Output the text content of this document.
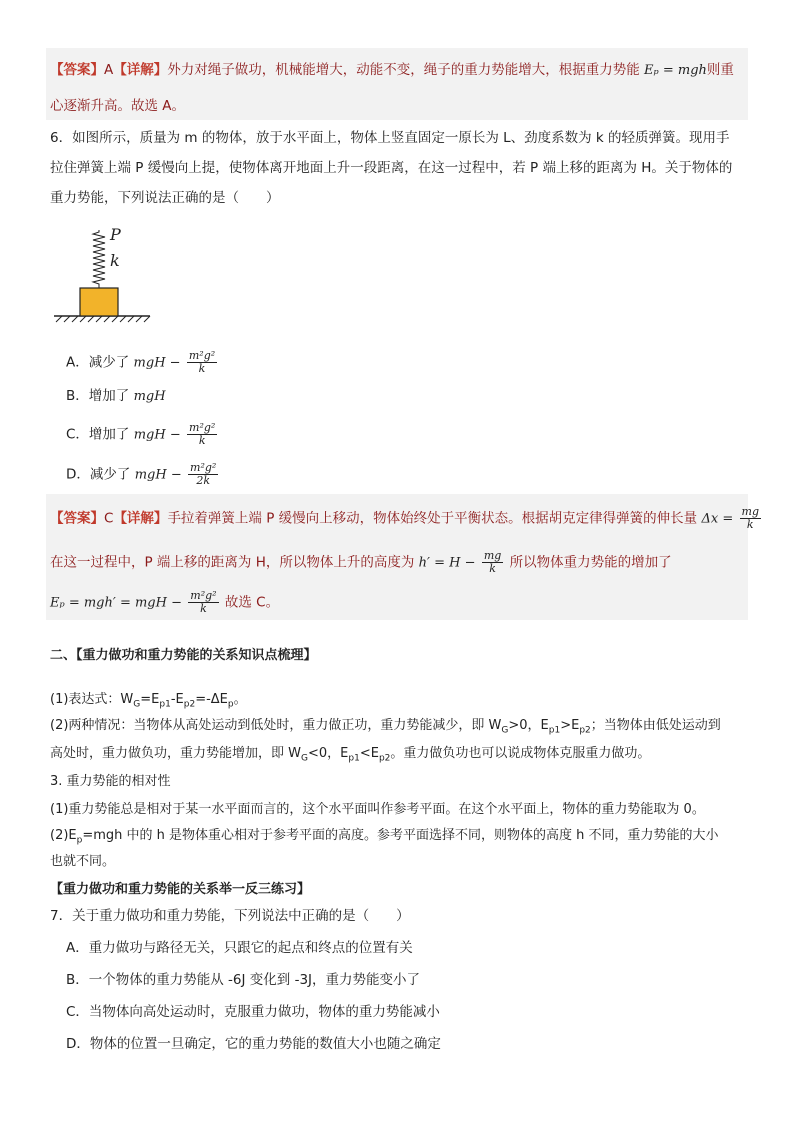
【答案】A【详解】外力对绳子做功，机械能增大，动能不变，绳子的重力势能增大，根据重力势能 Eₚ = mgh则重
心逐渐升高。故选 A。
6．如图所示，质量为 m 的物体，放于水平面上，物体上竖直固定一原长为 L、劲度系数为 k 的轻质弹簧。现用手
拉住弹簧上端 P 缓慢向上提，使物体离开地面上升一段距离，在这一过程中，若 P 端上移的距离为 H。关于物体的
重力势能，下列说法正确的是（　　）
P
k
A．减少了 mgH − $\frac{\text{m²g²}}{k}$
B．增加了 mgH
C．增加了 mgH − $\frac{\text{m²g²}}{k}$
D．减少了 mgH − $\frac{\text{m²g²}}{2k}$
【答案】C【详解】手拉着弹簧上端 P 缓慢向上移动，物体始终处于平衡状态。根据胡克定律得弹簧的伸长量 $\Delta x = \frac{mg}{k}$
在这一过程中，P 端上移的距离为 H，所以物体上升的高度为 $h' = H - \frac{mg}{k}$ 所以物体重力势能的增加了
Eₚ = mgh′ = mgH − $\frac{\text{m²g²}}{k}$ 故选 C。
二、【重力做功和重力势能的关系知识点梳理】
(1)表达式：$W_G=E_{p1}-E_{p2}=-\Delta E_p$。
(2)两种情况：当物体从高处运动到低处时，重力做正功，重力势能减少，即 $W_G>0$，$E_{p1}>E_{p2}$；当物体由低处运动到
高处时，重力做负功，重力势能增加，即 $W_G<0$，$E_{p1}<E_{p2}$。重力做负功也可以说成物体克服重力做功。
3. 重力势能的相对性
(1)重力势能总是相对于某一水平面而言的，这个水平面叫作参考平面。在这个水平面上，物体的重力势能取为 0。
$(2)E_p=mgh$ 中的 h 是物体重心相对于参考平面的高度。参考平面选择不同，则物体的高度 h 不同，重力势能的大小
也就不同。
【重力做功和重力势能的关系举一反三练习】
7．关于重力做功和重力势能，下列说法中正确的是（　　）
A．重力做功与路径无关，只跟它的起点和终点的位置有关
B．一个物体的重力势能从 -6J 变化到 -3J，重力势能变小了
C．当物体向高处运动时，克服重力做功，物体的重力势能减小
D．物体的位置一旦确定，它的重力势能的数值大小也随之确定
